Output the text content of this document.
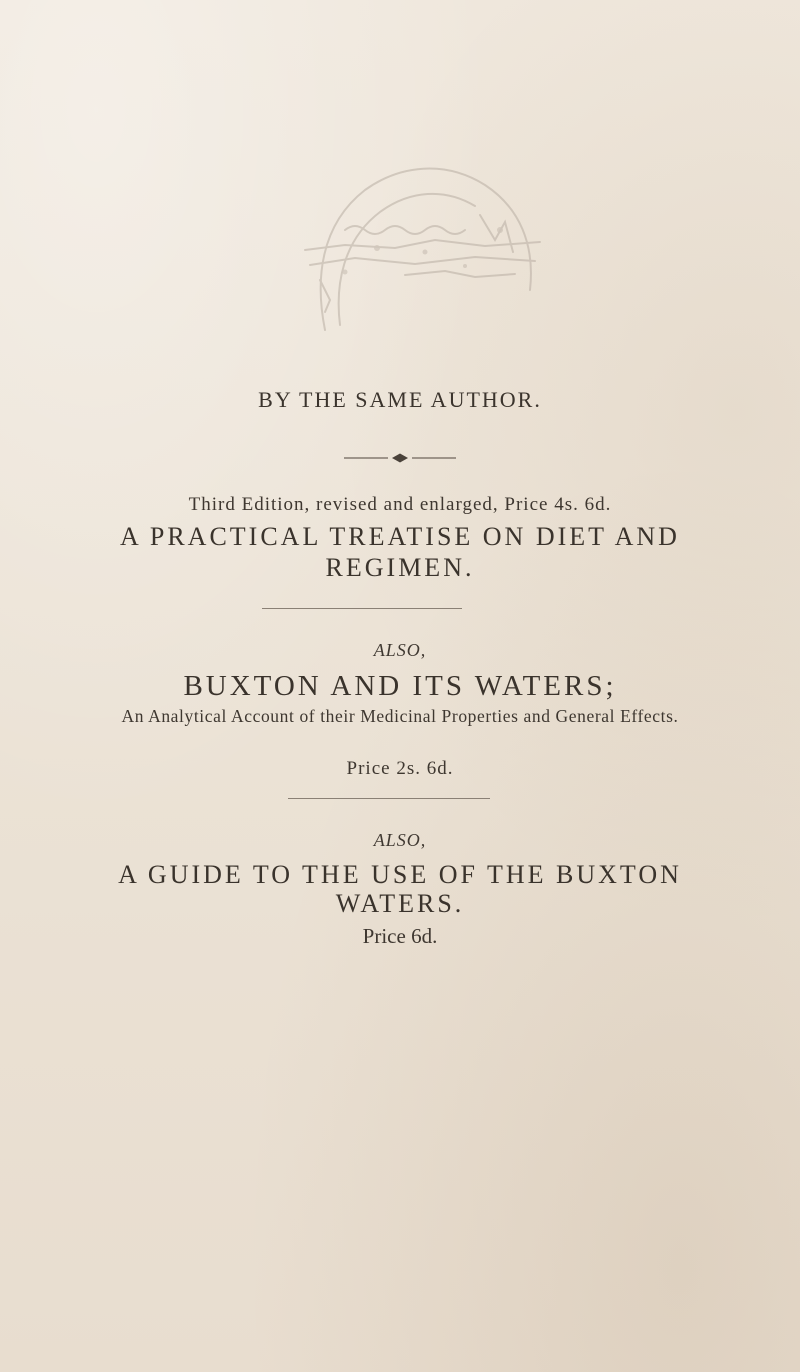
BY THE SAME AUTHOR.

Third Edition, revised and enlarged, Price 4s. 6d.

A PRACTICAL TREATISE ON DIET AND

REGIMEN.

ALSO,

BUXTON AND ITS WATERS;

An Analytical Account of their Medicinal Properties and General Effects.

Price 2s. 6d.

ALSO,

A GUIDE TO THE USE OF THE BUXTON

WATERS.

Price 6d.
